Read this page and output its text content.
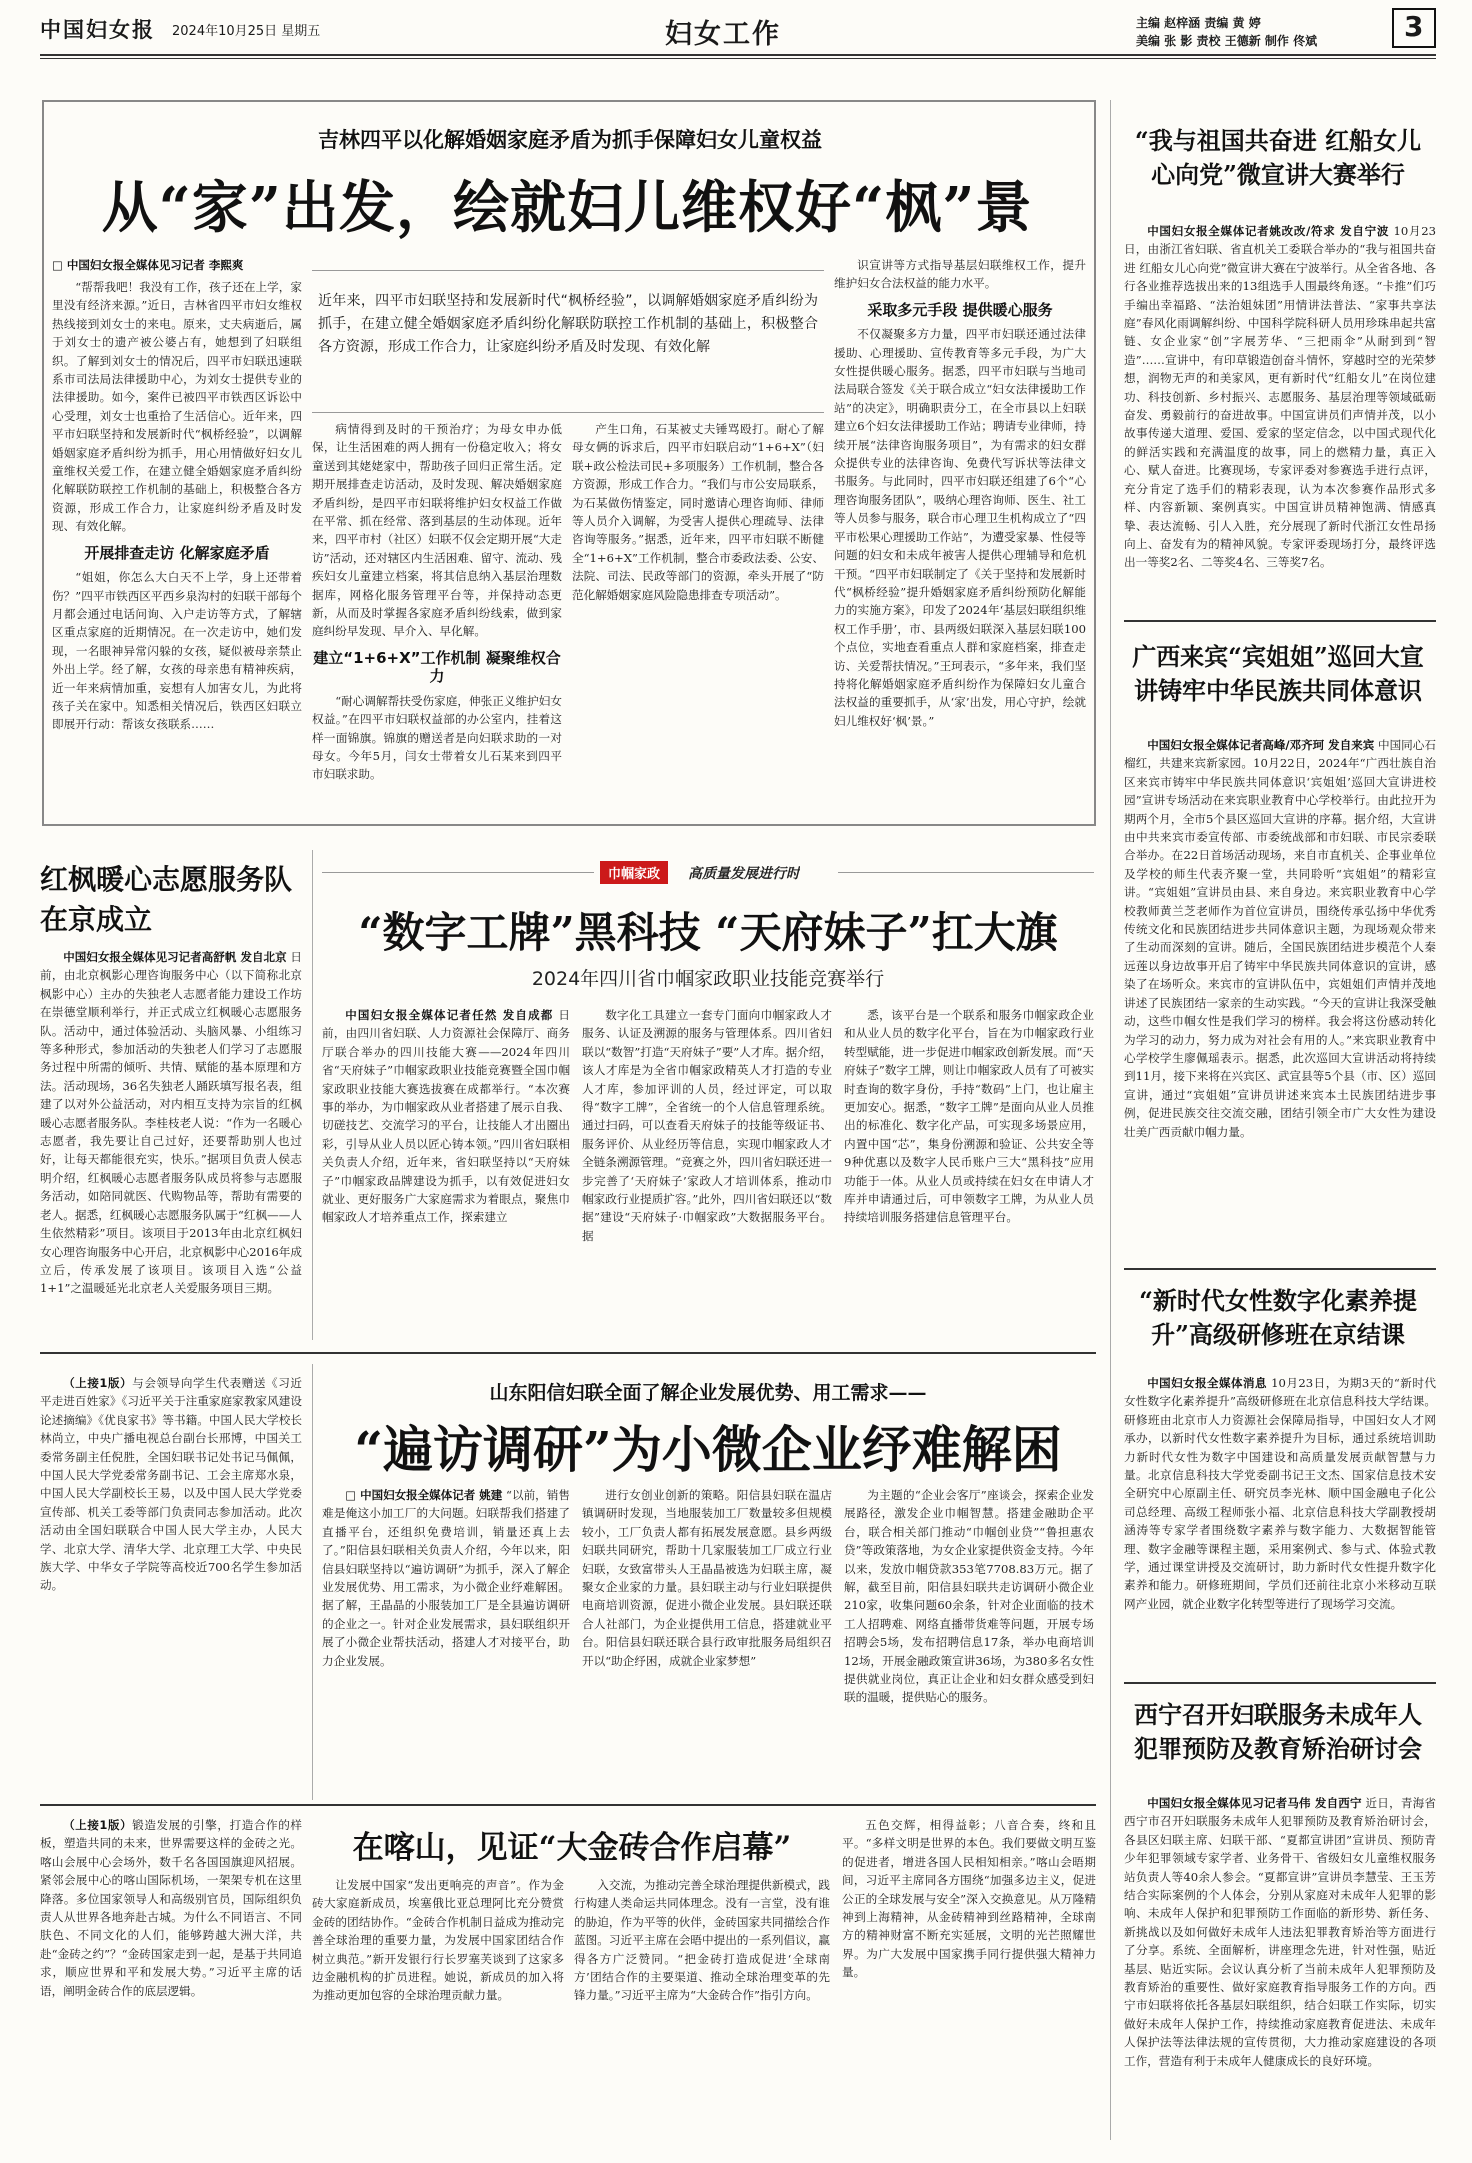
中国妇女报 2024年10月25日 星期五	妇女工作	主编 赵梓涵 责编 黄 婷
美编 张 影 责校 王德新 制作 佟斌	3
吉林四平以化解婚姻家庭矛盾为抓手保障妇女儿童权益
从“家”出发，绘就妇儿维权好“枫”景
□ 中国妇女报全媒体见习记者 李熙爽

“帮帮我吧！我没有工作，孩子还在上学，家里没有经济来源。”近日，吉林省四平市妇女维权热线接到刘女士的来电。原来，丈夫病逝后，属于刘女士的遗产被公婆占有，她想到了妇联组织。了解到刘女士的情况后，四平市妇联迅速联系市司法局法律援助中心，为刘女士提供专业的法律援助。如今，案件已被四平市铁西区诉讼中心受理，刘女士也重拾了生活信心。近年来，四平市妇联坚持和发展新时代“枫桥经验”，以调解婚姻家庭矛盾纠纷为抓手，用心用情做好妇女儿童维权关爱工作，在建立健全婚姻家庭矛盾纠纷化解联防联控工作机制的基础上，积极整合各方资源，形成工作合力，让家庭纠纷矛盾及时发现、有效化解。

开展排查走访 化解家庭矛盾

“姐姐，你怎么大白天不上学，身上还带着伤？”四平市铁西区平西乡泉沟村的妇联干部每个月都会通过电话问询、入户走访等方式，了解辖区重点家庭的近期情况。在一次走访中，她们发现，一名眼神异常闪躲的女孩，疑似被母亲禁止外出上学。经了解，女孩的母亲患有精神疾病，近一年来病情加重，妄想有人加害女儿，为此将孩子关在家中。知悉相关情况后，铁西区妇联立即展开行动：帮该女孩联系……

近年来，四平市妇联坚持和发展新时代“枫桥经验”，以调解婚姻家庭矛盾纠纷为抓手，在建立健全婚姻家庭矛盾纠纷化解联防联控工作机制的基础上，积极整合各方资源，形成工作合力，让家庭纠纷矛盾及时发现、有效化解

病情得到及时的干预治疗；为母女申办低保，让生活困难的两人拥有一份稳定收入；将女童送到其姥姥家中，帮助孩子回归正常生活。定期开展排查走访活动，及时发现、解决婚姻家庭矛盾纠纷，是四平市妇联将维护妇女权益工作做在平常、抓在经常、落到基层的生动体现。近年来，四平市村（社区）妇联不仅会定期开展“大走访”活动，还对辖区内生活困难、留守、流动、残疾妇女儿童建立档案，将其信息纳入基层治理数据库，网格化服务管理平台等，并保持动态更新，从而及时掌握各家庭矛盾纠纷线索，做到家庭纠纷早发现、早介入、早化解。

建立“1+6+X”工作机制 凝聚维权合力

“耐心调解帮扶受伤家庭，伸张正义维护妇女权益。”在四平市妇联权益部的办公室内，挂着这样一面锦旗。锦旗的赠送者是向妇联求助的一对母女。今年5月，闫女士带着女儿石某来到四平市妇联求助。

产生口角，石某被丈夫锤骂殴打。耐心了解母女俩的诉求后，四平市妇联启动“1+6+X”（妇联+政公检法司民+多项服务）工作机制，整合各方资源，形成工作合力。“我们与市公安局联系，为石某做伤情鉴定，同时邀请心理咨询师、律师等人员介入调解，为受害人提供心理疏导、法律咨询等服务。”据悉，近年来，四平市妇联不断健全“1+6+X”工作机制，整合市委政法委、公安、法院、司法、民政等部门的资源，牵头开展了“防范化解婚姻家庭风险隐患排查专项活动”。

识宣讲等方式指导基层妇联维权工作，提升维护妇女合法权益的能力水平。

采取多元手段 提供暖心服务

不仅凝聚多方力量，四平市妇联还通过法律援助、心理援助、宣传教育等多元手段，为广大女性提供暖心服务。据悉，四平市妇联与当地司法局联合签发《关于联合成立“妇女法律援助工作站”的决定》，明确职责分工，在全市县以上妇联建立6个妇女法律援助工作站；聘请专业律师，持续开展“法律咨询服务项目”，为有需求的妇女群众提供专业的法律咨询、免费代写诉状等法律文书服务。与此同时，四平市妇联还组建了6个“心理咨询服务团队”，吸纳心理咨询师、医生、社工等人员参与服务，联合市心理卫生机构成立了“四平市松果心理援助工作站”，为遭受家暴、性侵等问题的妇女和未成年被害人提供心理辅导和危机干预。“四平市妇联制定了《关于坚持和发展新时代“枫桥经验”提升婚姻家庭矛盾纠纷预防化解能力的实施方案》，印发了2024年‘基层妇联组织维权工作手册’，市、县两级妇联深入基层妇联100个点位，实地查看重点人群和家庭档案，排查走访、关爱帮扶情况。”王珂表示，“多年来，我们坚持将化解婚姻家庭矛盾纠纷作为保障妇女儿童合法权益的重要抓手，从‘家’出发，用心守护，绘就妇儿维权好‘枫’景。”

“我与祖国共奋进 红船女儿心向党”微宣讲大赛举行

中国妇女报全媒体记者姚改改/符求 发自宁波 10月23日，由浙江省妇联、省直机关工委联合举办的“我与祖国共奋进 红船女儿心向党”微宣讲大赛在宁波举行。从全省各地、各行各业推荐选拔出来的13组选手人围最终角逐。“卡推”们巧手编出幸福路、“法治姐妹团”用情讲法普法、“家事共享法庭”春风化雨调解纠纷、中国科学院科研人员用珍珠串起共富链、女企业家“创”字展芳华、“三把雨伞”从耐到到“智造”……宣讲中，有印草锻造创奋斗情怀，穿越时空的光荣梦想，润物无声的和美家风，更有新时代“红船女儿”在岗位建功、科技创新、乡村振兴、志愿服务、基层治理等领域砥砺奋发、勇毅前行的奋进故事。中国宣讲员们声情并茂，以小故事传递大道理、爱国、爱家的坚定信念，以中国式现代化的鲜活实践和充满温度的故事，同上的燃精力量，真正入心、赋人奋进。比赛现场，专家评委对参赛选手进行点评，充分肯定了选手们的精彩表现，认为本次参赛作品形式多样、内容新颖、案例真实。中国宣讲员精神饱满、情感真挚、表达流畅、引人入胜，充分展现了新时代浙江女性昂扬向上、奋发有为的精神风貌。专家评委现场打分，最终评选出一等奖2名、二等奖4名、三等奖7名。

广西来宾“宾姐姐”巡回大宣讲铸牢中华民族共同体意识

中国妇女报全媒体记者高峰/邓齐珂 发自来宾 中国同心石榴红，共建来宾新家园。10月22日，2024年“广西壮族自治区来宾市铸牢中华民族共同体意识‘宾姐姐’巡回大宣讲进校园”宣讲专场活动在来宾职业教育中心学校举行。由此拉开为期两个月，全市5个县区巡回大宣讲的序幕。据介绍，大宣讲由中共来宾市委宣传部、市委统战部和市妇联、市民宗委联合举办。在22日首场活动现场，来自市直机关、企事业单位及学校的师生代表齐聚一堂，共同聆听“宾姐姐”的精彩宣讲。“宾姐姐”宣讲员由县、来自身边。来宾职业教育中心学校教师黄兰芝老师作为首位宣讲员，围绕传承弘扬中华优秀传统文化和民族团结进步共同体意识主题，为现场观众带来了生动而深刻的宣讲。随后，全国民族团结进步模范个人秦远莲以身边故事开启了铸牢中华民族共同体意识的宣讲，感染了在场听众。来宾市的宣讲队伍中，宾姐姐们声情并茂地讲述了民族团结一家亲的生动实践。“今天的宣讲让我深受触动，这些巾帼女性是我们学习的榜样。我会将这份感动转化为学习的动力，努力成为对社会有用的人。”来宾职业教育中心学校学生廖佩瑶表示。据悉，此次巡回大宣讲活动将持续到11月，接下来将在兴宾区、武宣县等5个县（市、区）巡回宣讲，通过“宾姐姐”宣讲员讲述来宾本土民族团结进步事例，促进民族交往交流交融，团结引领全市广大女性为建设壮美广西贡献巾帼力量。

“新时代女性数字化素养提升”高级研修班在京结课

中国妇女报全媒体消息 10月23日，为期3天的“新时代女性数字化素养提升”高级研修班在北京信息科技大学结课。研修班由北京市人力资源社会保障局指导，中国妇女人才网承办，以新时代女性数字素养提升为目标，通过系统培训助力新时代女性为数字中国建设和高质量发展贡献智慧与力量。北京信息科技大学党委副书记王文杰、国家信息技术安全研究中心原副主任、研究员李光林、顺中国金融电子化公司总经理、高级工程师张小福、北京信息科技大学副教授胡涵涛等专家学者围绕数字素养与数字能力、大数据智能管理、数字金融等课程主题，采用案例式、参与式、体验式教学，通过课堂讲授及交流研讨，助力新时代女性提升数字化素养和能力。研修班期间，学员们还前往北京小米移动互联网产业园，就企业数字化转型等进行了现场学习交流。

西宁召开妇联服务未成年人犯罪预防及教育矫治研讨会

中国妇女报全媒体见习记者马伟 发自西宁 近日，青海省西宁市召开妇联服务未成年人犯罪预防及教育矫治研讨会，各县区妇联主席、妇联干部、“夏都宣讲团”宣讲员、预防青少年犯罪领域专家学者、业务骨干、省级妇女儿童维权服务站负责人等40余人参会。“夏都宣讲”宣讲员李慧莹、王玉芳结合实际案例的个人体会，分别从家庭对未成年人犯罪的影响、未成年人保护和犯罪预防工作面临的新形势、新任务、新挑战以及如何做好未成年人违法犯罪教育矫治等方面进行了分享。系统、全面解析，讲座理念先进，针对性强，贴近基层、贴近实际。会议认真分析了当前未成年人犯罪预防及教育矫治的重要性、做好家庭教育指导服务工作的方向。西宁市妇联将依托各基层妇联组织，结合妇联工作实际，切实做好未成年人保护工作，持续推动家庭教育促进法、未成年人保护法等法律法规的宣传贯彻，大力推动家庭建设的各项工作，营造有利于未成年人健康成长的良好环境。

红枫暖心志愿服务队在京成立

中国妇女报全媒体见习记者高舒帆 发自北京 日前，由北京枫影心理咨询服务中心（以下简称北京枫影中心）主办的失独老人志愿者能力建设工作坊在崇德堂顺利举行，并正式成立红枫暖心志愿服务队。活动中，通过体验活动、头脑风暴、小组练习等多种形式，参加活动的失独老人们学习了志愿服务过程中所需的倾听、共情、赋能的基本原理和方法。活动现场，36名失独老人踊跃填写报名表，组建了以对外公益活动，对内相互支持为宗旨的红枫暖心志愿者服务队。李桂枝老人说：“作为一名暖心志愿者，我先要让自己过好，还要帮助别人也过好，让每天都能很充实，快乐。”据项目负责人侯志明介绍，红枫暖心志愿者服务队成员将参与志愿服务活动，如陪同就医、代购物品等，帮助有需要的老人。据悉，红枫暖心志愿服务队属于“红枫——人生依然精彩”项目。该项目于2013年由北京红枫妇女心理咨询服务中心开启，北京枫影中心2016年成立后，传承发展了该项目。该项目入选“公益1+1”之温暖延光北京老人关爱服务项目三期。

巾帼家政	高质量发展进行时
“数字工牌”黑科技 “天府妹子”扛大旗
2024年四川省巾帼家政职业技能竞赛举行

中国妇女报全媒体记者任然 发自成都 日前，由四川省妇联、人力资源社会保障厅、商务厅联合举办的四川技能大赛——2024年四川省“天府妹子”巾帼家政职业技能竞赛暨全国巾帼家政职业技能大赛选拔赛在成都举行。“本次赛事的举办，为巾帼家政从业者搭建了展示自我、切磋技艺、交流学习的平台，让技能人才出圈出彩，引导从业人员以匠心铸本领。”四川省妇联相关负责人介绍，近年来，省妇联坚持以“天府妹子”巾帼家政品牌建设为抓手，以有效促进妇女就业、更好服务广大家庭需求为着眼点，聚焦巾帼家政人才培养重点工作，探索建立

数字化工具建立一套专门面向巾帼家政人才服务、认证及溯源的服务与管理体系。四川省妇联以“数智”打造“天府妹子”要”人才库。据介绍，该人才库是为全省巾帼家政精英人才打造的专业人才库，参加评训的人员，经过评定，可以取得“数字工牌”，全省统一的个人信息管理系统。通过扫码，可以查看天府妹子的技能等级证书、服务评价、从业经历等信息，实现巾帼家政人才全链条溯源管理。“竞赛之外，四川省妇联还进一步完善了‘天府妹子’家政人才培训体系，推动巾帼家政行业提质扩容。”此外，四川省妇联还以“数据”建设“天府妹子·巾帼家政”大数据服务平台。据

悉，该平台是一个联系和服务巾帼家政企业和从业人员的数字化平台，旨在为巾帼家政行业转型赋能，进一步促进巾帼家政创新发展。而“天府妹子”数字工牌，则让巾帼家政人员有了可被实时查询的数字身份，手持“数码”上门，也让雇主更加安心。据悉，“数字工牌”是面向从业人员推出的标准化、数字化产品，可实现多场景应用，内置中国“芯”，集身份溯源和验证、公共安全等9种优惠以及数字人民币账户三大“黑科技”应用功能于一体。从业人员或持续在妇女在申请人才库并申请通过后，可申领数字工牌，为从业人员持续培训服务搭建信息管理平台。

（上接1版）与会领导向学生代表赠送《习近平走进百姓家》《习近平关于注重家庭家教家风建设论述摘编》《优良家书》等书籍。中国人民大学校长林尚立，中央广播电视总台副台长邢博，中国关工委常务副主任倪胜，全国妇联书记处书记马佩佩，中国人民大学党委常务副书记、工会主席郑水泉，中国人民大学副校长王易，以及中国人民大学党委宣传部、机关工委等部门负责同志参加活动。此次活动由全国妇联联合中国人民大学主办，人民大学、北京大学、清华大学、北京理工大学、中央民族大学、中华女子学院等高校近700名学生参加活动。

山东阳信妇联全面了解企业发展优势、用工需求——
“遍访调研”为小微企业纾难解困

□ 中国妇女报全媒体记者 姚建 “以前，销售难是俺这小加工厂的大问题。妇联帮我们搭建了直播平台，还组织免费培训，销量还真上去了。”阳信县妇联相关负责人介绍，今年以来，阳信县妇联坚持以“遍访调研”为抓手，深入了解企业发展优势、用工需求，为小微企业纾难解困。据了解，王晶晶的小服装加工厂是全县遍访调研的企业之一。针对企业发展需求，县妇联组织开展了小微企业帮扶活动，搭建人才对接平台，助力企业发展。

进行女创业创新的策略。阳信县妇联在温店镇调研时发现，当地服装加工厂数量较多但规模较小，工厂负责人都有拓展发展意愿。县乡两级妇联共同研究，帮助十几家服装加工厂成立行业妇联，女致富带头人王晶晶被选为妇联主席，凝聚女企业家的力量。县妇联主动与行业妇联提供电商培训资源，促进小微企业发展。县妇联还联合人社部门，为企业提供用工信息，搭建就业平台。阳信县妇联还联合县行政审批服务局组织召开以“助企纾困，成就企业家梦想”

为主题的“企业会客厅”座谈会，探索企业发展路径，激发企业巾帼智慧。搭建金融助企平台，联合相关部门推动“巾帼创业贷”“鲁担惠农贷”等政策落地，为女企业家提供资金支持。今年以来，发放巾帼贷款353笔7708.83万元。据了解，截至目前，阳信县妇联共走访调研小微企业210家，收集问题60余条，针对企业面临的技术工人招聘难、网络直播带货难等问题，开展专场招聘会5场，发布招聘信息17条，举办电商培训12场，开展金融政策宣讲36场，为380多名女性提供就业岗位，真正让企业和妇女群众感受到妇联的温暖，提供贴心的服务。

（上接1版）锻造发展的引擎，打造合作的样板，塑造共同的未来，世界需要这样的金砖之光。喀山会展中心会场外，数千名各国国旗迎风招展。紧邻会展中心的喀山国际机场，一架架专机在这里降落。多位国家领导人和高级别官员，国际组织负责人从世界各地奔赴古城。为什么不同语言、不同肤色、不同文化的人们，能够跨越大洲大洋，共赴“金砖之约”？“金砖国家走到一起，是基于共同追求，顺应世界和平和发展大势。”习近平主席的话语，阐明金砖合作的底层逻辑。

在喀山，见证“大金砖合作启幕”

让发展中国家“发出更响亮的声音”。作为金砖大家庭新成员，埃塞俄比亚总理阿比充分赞赏金砖的团结协作。“金砖合作机制日益成为推动完善全球治理的重要力量，为发展中国家团结合作树立典范。”新开发银行行长罗塞芙谈到了这家多边金融机构的扩员进程。她说，新成员的加入将为推动更加包容的全球治理贡献力量。

入交流，为推动完善全球治理提供新模式，践行构建人类命运共同体理念。没有一言堂，没有谁的胁迫，作为平等的伙伴，金砖国家共同描绘合作蓝图。习近平主席在会晤中提出的一系列倡议，赢得各方广泛赞同。“把金砖打造成促进‘全球南方’团结合作的主要渠道、推动全球治理变革的先锋力量。”习近平主席为“大金砖合作”指引方向。

五色交辉，相得益彰；八音合奏，终和且平。“多样文明是世界的本色。我们要做文明互鉴的促进者，增进各国人民相知相亲。”喀山会晤期间，习近平主席同各方围绕“加强多边主义，促进公正的全球发展与安全”深入交换意见。从万隆精神到上海精神，从金砖精神到丝路精神，全球南方的精神财富不断充实延展，文明的光芒照耀世界。为广大发展中国家携手同行提供强大精神力量。
